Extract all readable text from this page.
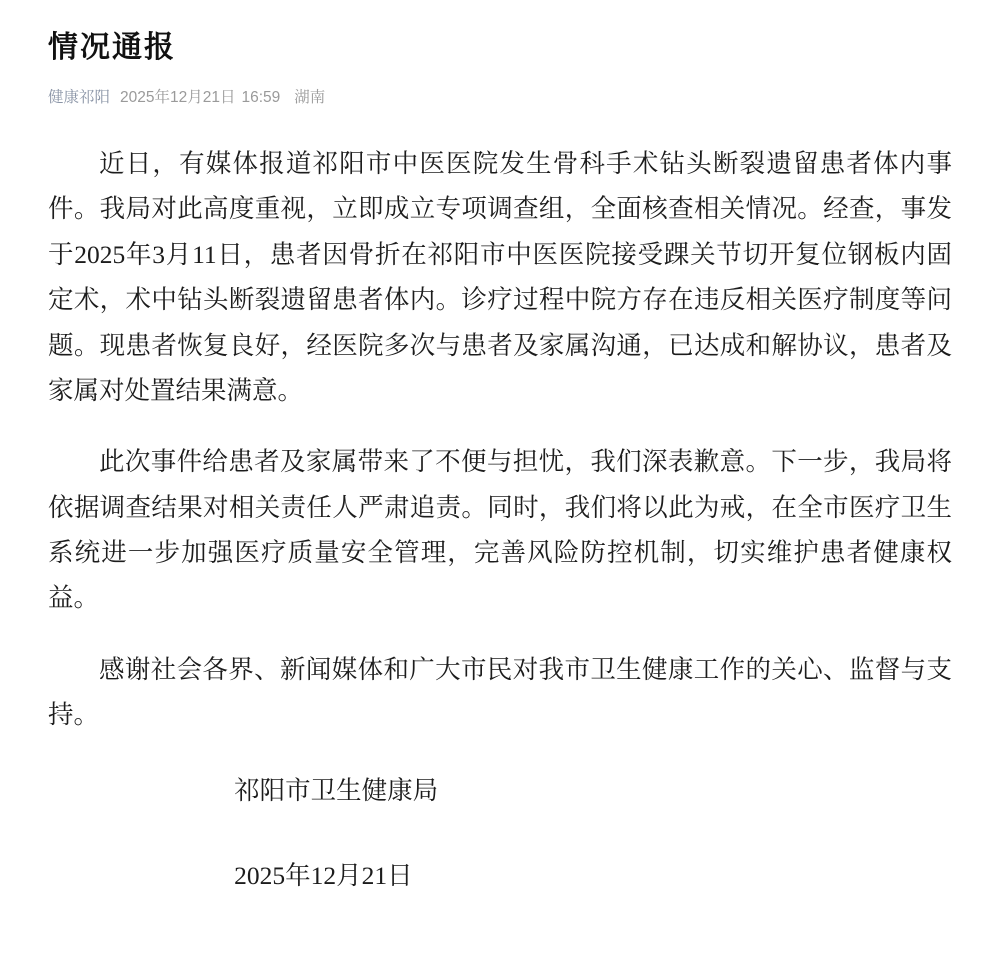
情况通报
健康祁阳 2025年12月21日 16:59 湖南

近日，有媒体报道祁阳市中医医院发生骨科手术钻头断裂遗留患者体内事件。我局对此高度重视，立即成立专项调查组，全面核查相关情况。经查，事发于2025年3月11日，患者因骨折在祁阳市中医医院接受踝关节切开复位钢板内固定术，术中钻头断裂遗留患者体内。诊疗过程中院方存在违反相关医疗制度等问题。现患者恢复良好，经医院多次与患者及家属沟通，已达成和解协议，患者及家属对处置结果满意。

此次事件给患者及家属带来了不便与担忧，我们深表歉意。下一步，我局将依据调查结果对相关责任人严肃追责。同时，我们将以此为戒，在全市医疗卫生系统进一步加强医疗质量安全管理，完善风险防控机制，切实维护患者健康权益。

感谢社会各界、新闻媒体和广大市民对我市卫生健康工作的关心、监督与支持。

祁阳市卫生健康局
2025年12月21日
